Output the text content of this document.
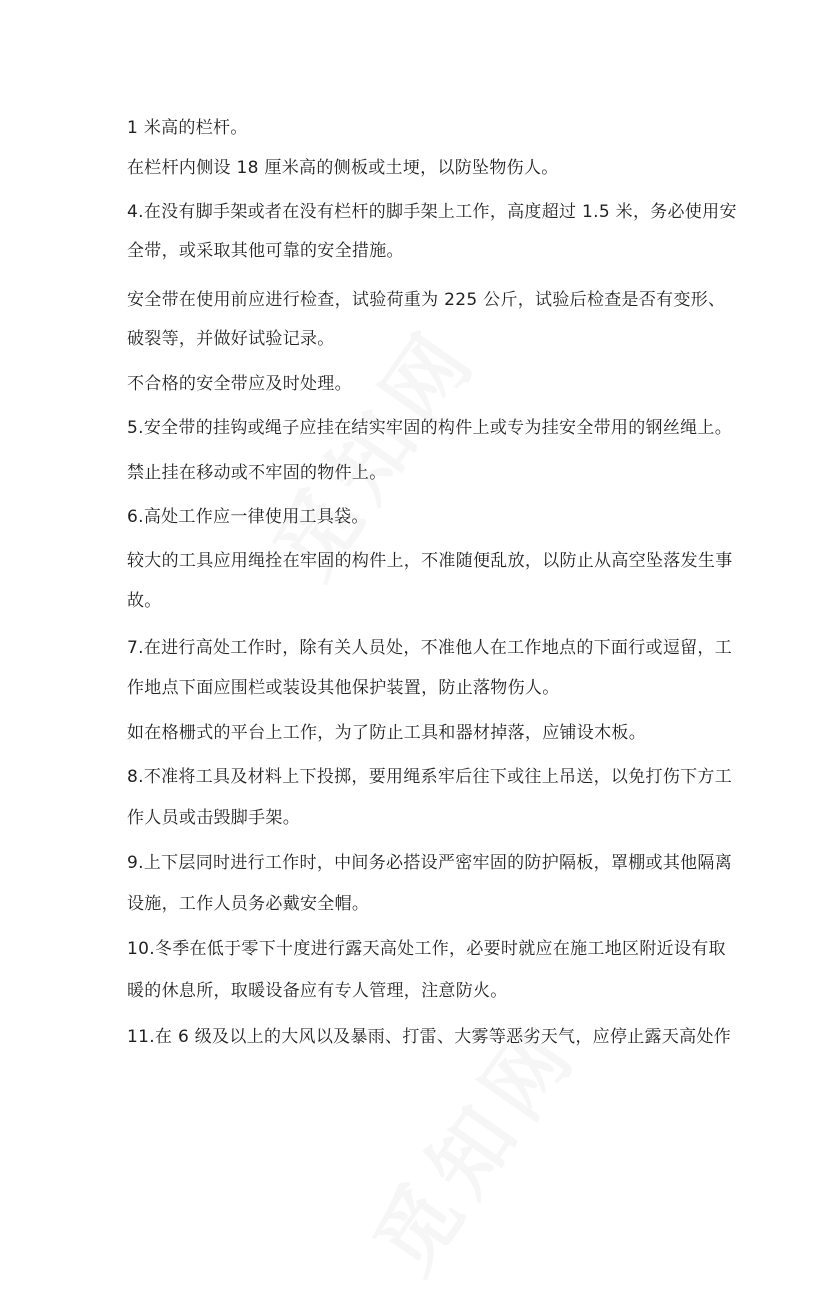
1 米高的栏杆。
在栏杆内侧设 18 厘米高的侧板或土埂，以防坠物伤人。
4.在没有脚手架或者在没有栏杆的脚手架上工作，高度超过 1.5 米，务必使用安
全带，或采取其他可靠的安全措施。
安全带在使用前应进行检查，试验荷重为 225 公斤，试验后检查是否有变形、
破裂等，并做好试验记录。
不合格的安全带应及时处理。
5.安全带的挂钩或绳子应挂在结实牢固的构件上或专为挂安全带用的钢丝绳上。
禁止挂在移动或不牢固的物件上。
6.高处工作应一律使用工具袋。
较大的工具应用绳拴在牢固的构件上，不准随便乱放，以防止从高空坠落发生事
故。
7.在进行高处工作时，除有关人员处，不准他人在工作地点的下面行或逗留，工
作地点下面应围栏或装设其他保护装置，防止落物伤人。
如在格栅式的平台上工作，为了防止工具和器材掉落，应铺设木板。
8.不准将工具及材料上下投掷，要用绳系牢后往下或往上吊送，以免打伤下方工
作人员或击毁脚手架。
9.上下层同时进行工作时，中间务必搭设严密牢固的防护隔板，罩棚或其他隔离
设施，工作人员务必戴安全帽。
10.冬季在低于零下十度进行露天高处工作，必要时就应在施工地区附近设有取
暖的休息所，取暖设备应有专人管理，注意防火。
11.在 6 级及以上的大风以及暴雨、打雷、大雾等恶劣天气，应停止露天高处作
